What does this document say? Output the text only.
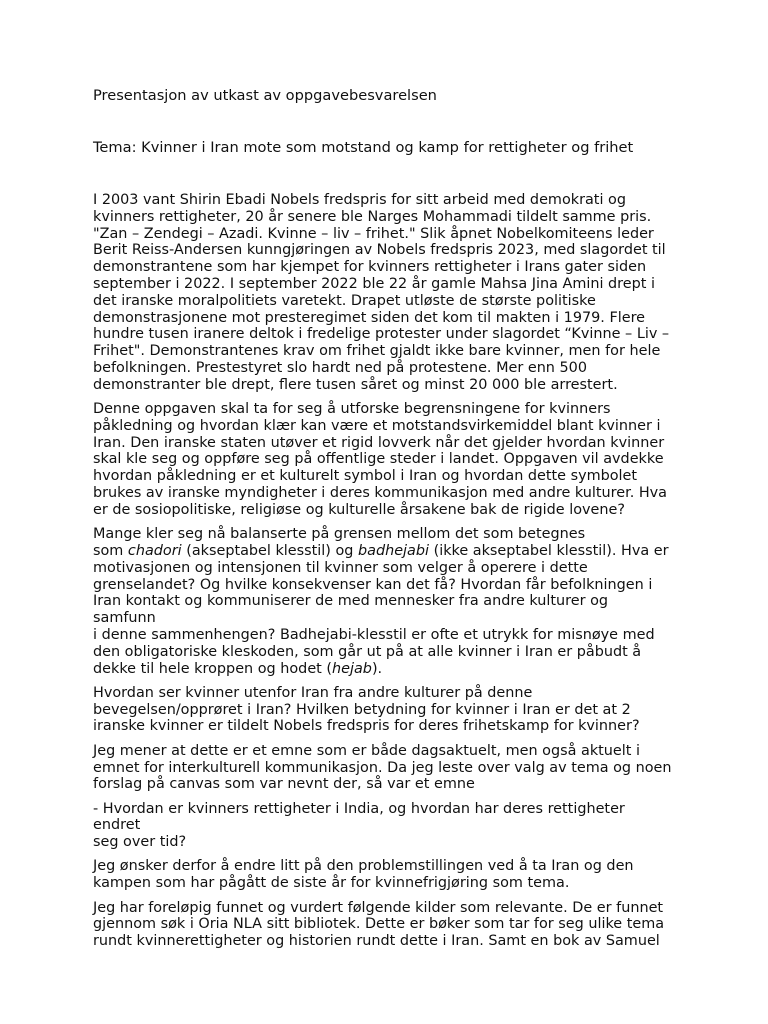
Presentasjon av utkast av oppgavebesvarelsen
Tema: Kvinner i Iran mote som motstand og kamp for rettigheter og frihet

I 2003 vant Shirin Ebadi Nobels fredspris for sitt arbeid med demokrati og
kvinners rettigheter, 20 år senere ble Narges Mohammadi tildelt samme pris.
"Zan – Zendegi – Azadi. Kvinne – liv – frihet." Slik åpnet Nobelkomiteens leder
Berit Reiss-Andersen kunngjøringen av Nobels fredspris 2023, med slagordet til
demonstrantene som har kjempet for kvinners rettigheter i Irans gater siden
september i 2022. I september 2022 ble 22 år gamle Mahsa Jina Amini drept i
det iranske moralpolitiets varetekt. Drapet utløste de største politiske
demonstrasjonene mot presteregimet siden det kom til makten i 1979. Flere
hundre tusen iranere deltok i fredelige protester under slagordet “Kvinne – Liv –
Frihet". Demonstrantenes krav om frihet gjaldt ikke bare kvinner, men for hele
befolkningen. Prestestyret slo hardt ned på protestene. Mer enn 500
demonstranter ble drept, flere tusen såret og minst 20 000 ble arrestert.

Denne oppgaven skal ta for seg å utforske begrensningene for kvinners
påkledning og hvordan klær kan være et motstandsvirkemiddel blant kvinner i
Iran. Den iranske staten utøver et rigid lovverk når det gjelder hvordan kvinner
skal kle seg og oppføre seg på offentlige steder i landet. Oppgaven vil avdekke
hvordan påkledning er et kulturelt symbol i Iran og hvordan dette symbolet
brukes av iranske myndigheter i deres kommunikasjon med andre kulturer. Hva
er de sosiopolitiske, religiøse og kulturelle årsakene bak de rigide lovene?

Mange kler seg nå balanserte på grensen mellom det som betegnes
som chadori (akseptabel klesstil) og badhejabi (ikke akseptabel klesstil). Hva er
motivasjonen og intensjonen til kvinner som velger å operere i dette
grenselandet? Og hvilke konsekvenser kan det få? Hvordan får befolkningen i
Iran kontakt og kommuniserer de med mennesker fra andre kulturer og samfunn
i denne sammenhengen? Badhejabi-klesstil er ofte et utrykk for misnøye med
den obligatoriske kleskoden, som går ut på at alle kvinner i Iran er påbudt å
dekke til hele kroppen og hodet (hejab).

Hvordan ser kvinner utenfor Iran fra andre kulturer på denne
bevegelsen/opprøret i Iran? Hvilken betydning for kvinner i Iran er det at 2
iranske kvinner er tildelt Nobels fredspris for deres frihetskamp for kvinner?

Jeg mener at dette er et emne som er både dagsaktuelt, men også aktuelt i
emnet for interkulturell kommunikasjon. Da jeg leste over valg av tema og noen
forslag på canvas som var nevnt der, så var et emne

- Hvordan er kvinners rettigheter i India, og hvordan har deres rettigheter endret
seg over tid?

Jeg ønsker derfor å endre litt på den problemstillingen ved å ta Iran og den
kampen som har pågått de siste år for kvinnefrigjøring som tema.

Jeg har foreløpig funnet og vurdert følgende kilder som relevante. De er funnet
gjennom søk i Oria NLA sitt bibliotek. Dette er bøker som tar for seg ulike tema
rundt kvinnerettigheter og historien rundt dette i Iran. Samt en bok av Samuel
